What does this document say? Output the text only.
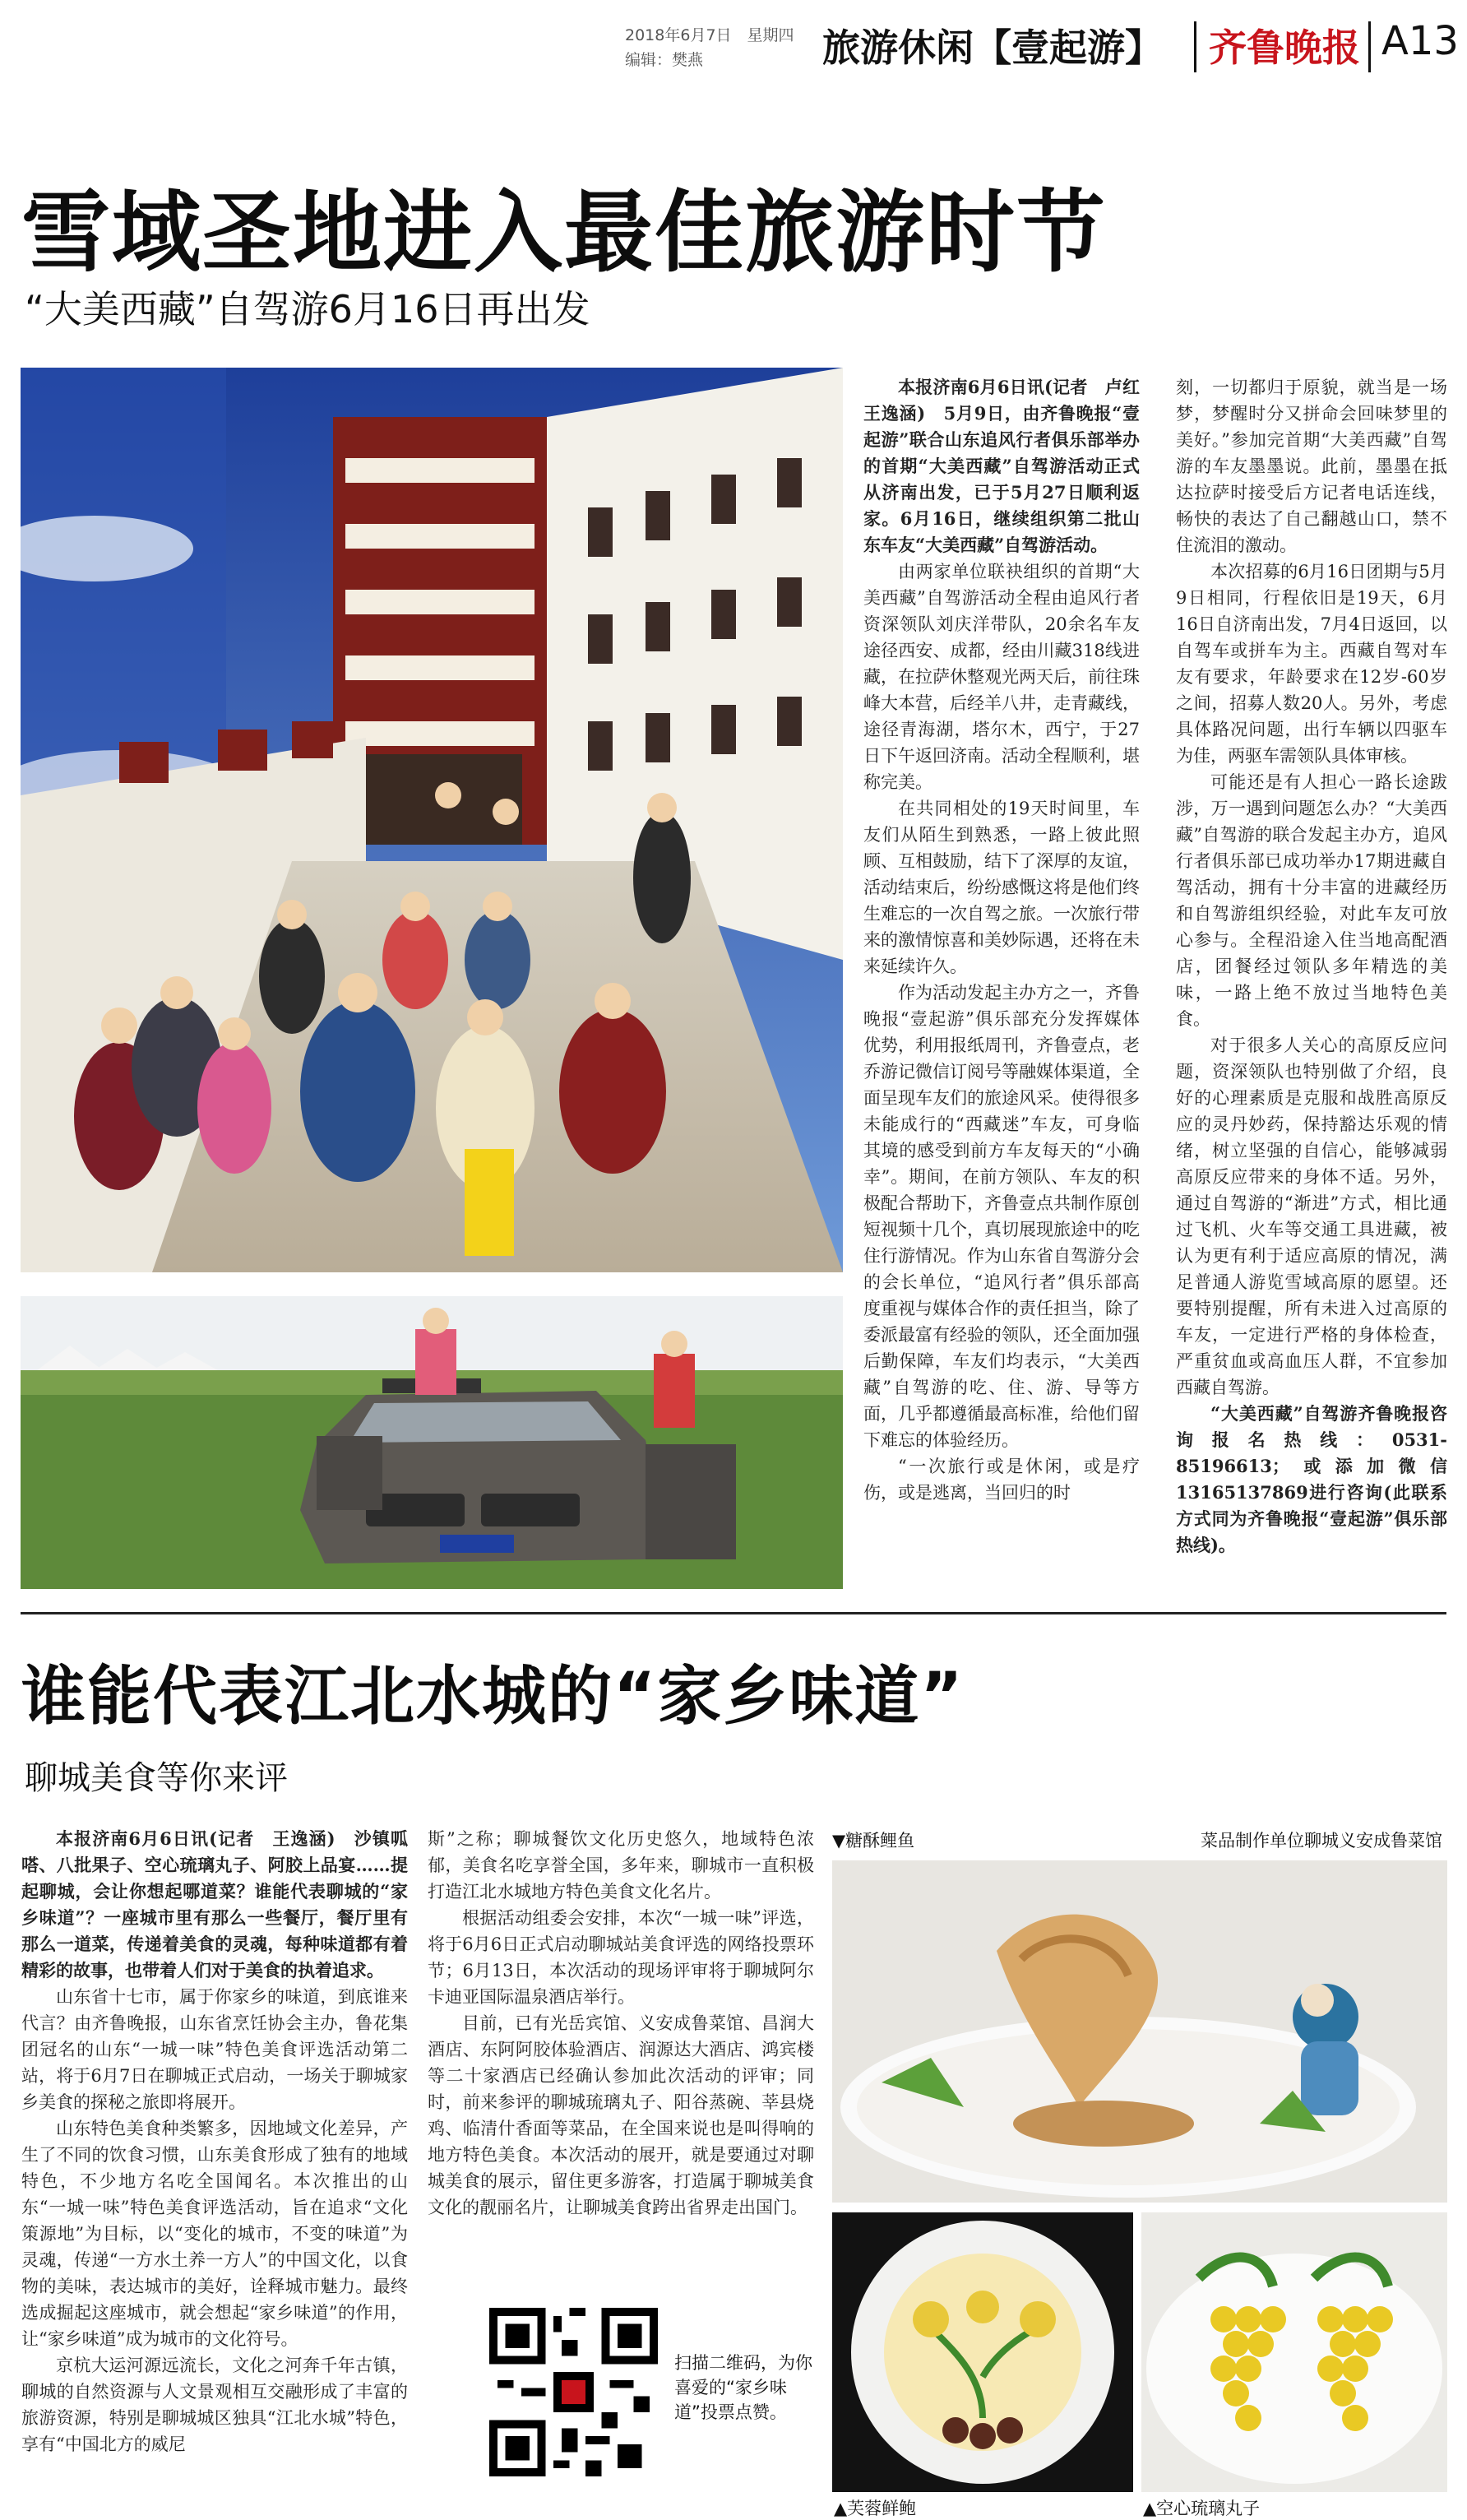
2018年6月7日　星期四
编辑：樊燕	旅游休闲【壹起游】 齐鲁晚报 A13
雪域圣地进入最佳旅游时节
“大美西藏”自驾游6月16日再出发

本报济南6月6日讯(记者　卢红　王逸涵)　5月9日，由齐鲁晚报“壹起游”联合山东追风行者俱乐部举办的首期“大美西藏”自驾游活动正式从济南出发，已于5月27日顺利返家。6月16日，继续组织第二批山东车友“大美西藏”自驾游活动。

由两家单位联袂组织的首期“大美西藏”自驾游活动全程由追风行者资深领队刘庆洋带队，20余名车友途径西安、成都，经由川藏318线进藏，在拉萨休整观光两天后，前往珠峰大本营，后经羊八井，走青藏线，途径青海湖，塔尔木，西宁，于27日下午返回济南。活动全程顺利，堪称完美。

在共同相处的19天时间里，车友们从陌生到熟悉，一路上彼此照顾、互相鼓励，结下了深厚的友谊，活动结束后，纷纷感慨这将是他们终生难忘的一次自驾之旅。一次旅行带来的激情惊喜和美妙际遇，还将在未来延续许久。

作为活动发起主办方之一，齐鲁晚报“壹起游”俱乐部充分发挥媒体优势，利用报纸周刊，齐鲁壹点，老乔游记微信订阅号等融媒体渠道，全面呈现车友们的旅途风采。使得很多未能成行的“西藏迷”车友，可身临其境的感受到前方车友每天的“小确幸”。期间，在前方领队、车友的积极配合帮助下，齐鲁壹点共制作原创短视频十几个，真切展现旅途中的吃住行游情况。作为山东省自驾游分会的会长单位，“追风行者”俱乐部高度重视与媒体合作的责任担当，除了委派最富有经验的领队，还全面加强后勤保障，车友们均表示，“大美西藏”自驾游的吃、住、游、导等方面，几乎都遵循最高标准，给他们留下难忘的体验经历。

“一次旅行或是休闲，或是疗伤，或是逃离，当回归的时

刻，一切都归于原貌，就当是一场梦，梦醒时分又拼命会回味梦里的美好。”参加完首期“大美西藏”自驾游的车友墨墨说。此前，墨墨在抵达拉萨时接受后方记者电话连线，畅快的表达了自己翻越山口，禁不住流泪的激动。

本次招募的6月16日团期与5月9日相同，行程依旧是19天，6月16日自济南出发，7月4日返回，以自驾车或拼车为主。西藏自驾对车友有要求，年龄要求在12岁-60岁之间，招募人数20人。另外，考虑具体路况问题，出行车辆以四驱车为佳，两驱车需领队具体审核。

可能还是有人担心一路长途跋涉，万一遇到问题怎么办？“大美西藏”自驾游的联合发起主办方，追风行者俱乐部已成功举办17期进藏自驾活动，拥有十分丰富的进藏经历和自驾游组织经验，对此车友可放心参与。全程沿途入住当地高配酒店，团餐经过领队多年精选的美味，一路上绝不放过当地特色美食。

对于很多人关心的高原反应问题，资深领队也特别做了介绍，良好的心理素质是克服和战胜高原反应的灵丹妙药，保持豁达乐观的情绪，树立坚强的自信心，能够减弱高原反应带来的身体不适。另外，通过自驾游的“渐进”方式，相比通过飞机、火车等交通工具进藏，被认为更有利于适应高原的情况，满足普通人游览雪域高原的愿望。还要特别提醒，所有未进入过高原的车友，一定进行严格的身体检查，严重贫血或高血压人群，不宜参加西藏自驾游。

“大美西藏”自驾游齐鲁晚报咨询报名热线：0531-85196613；或添加微信13165137869进行咨询(此联系方式同为齐鲁晚报“壹起游”俱乐部热线)。

谁能代表江北水城的“家乡味道”
聊城美食等你来评

本报济南6月6日讯(记者　王逸涵)　沙镇呱嗒、八批果子、空心琉璃丸子、阿胶上品宴……提起聊城，会让你想起哪道菜？谁能代表聊城的“家乡味道”？一座城市里有那么一些餐厅，餐厅里有那么一道菜，传递着美食的灵魂，每种味道都有着精彩的故事，也带着人们对于美食的执着追求。

山东省十七市，属于你家乡的味道，到底谁来代言？由齐鲁晚报，山东省烹饪协会主办，鲁花集团冠名的山东“一城一味”特色美食评选活动第二站，将于6月7日在聊城正式启动，一场关于聊城家乡美食的探秘之旅即将展开。

山东特色美食种类繁多，因地域文化差异，产生了不同的饮食习惯，山东美食形成了独有的地域特色，不少地方名吃全国闻名。本次推出的山东“一城一味”特色美食评选活动，旨在追求“文化策源地”为目标，以“变化的城市，不变的味道”为灵魂，传递“一方水土养一方人”的中国文化，以食物的美味，表达城市的美好，诠释城市魅力。最终选成掘起这座城市，就会想起“家乡味道”的作用，让“家乡味道”成为城市的文化符号。

京杭大运河源远流长，文化之河奔千年古镇，聊城的自然资源与人文景观相互交融形成了丰富的旅游资源，特别是聊城城区独具“江北水城”特色，享有“中国北方的威尼

斯”之称；聊城餐饮文化历史悠久，地域特色浓郁，美食名吃享誉全国，多年来，聊城市一直积极打造江北水城地方特色美食文化名片。

根据活动组委会安排，本次“一城一味”评选，将于6月6日正式启动聊城站美食评选的网络投票环节；6月13日，本次活动的现场评审将于聊城阿尔卡迪亚国际温泉酒店举行。

目前，已有光岳宾馆、义安成鲁菜馆、昌润大酒店、东阿阿胶体验酒店、润源达大酒店、鸿宾楼等二十家酒店已经确认参加此次活动的评审；同时，前来参评的聊城琉璃丸子、阳谷蒸碗、莘县烧鸡、临清什香面等菜品，在全国来说也是叫得响的地方特色美食。本次活动的展开，就是要通过对聊城美食的展示，留住更多游客，打造属于聊城美食文化的靓丽名片，让聊城美食跨出省界走出国门。

扫描二维码，为你喜爱的“家乡味道”投票点赞。
▼糖酥鲤鱼	菜品制作单位聊城义安成鲁菜馆
▲芙蓉鲜鲍	▲空心琉璃丸子
